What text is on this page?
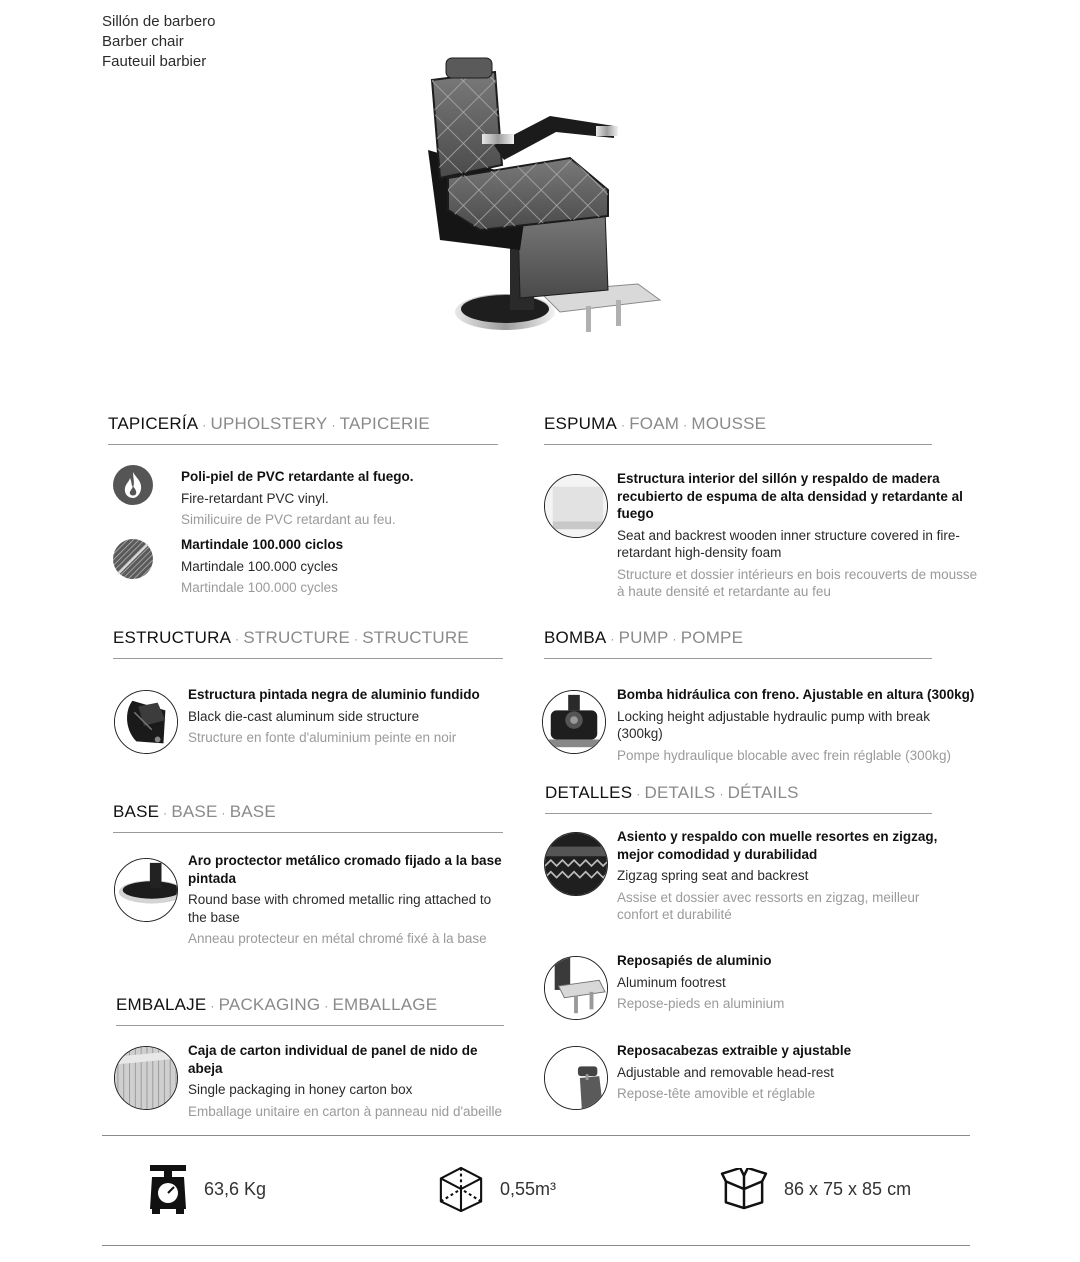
Sillón de barbero
Barber chair
Fauteuil barbier
TAPICERÍA · UPHOLSTERY · TAPICERIE
Poli-piel de PVC retardante al fuego.
Fire-retardant PVC vinyl.
Similicuire de PVC retardant au feu.
Martindale 100.000 ciclos
Martindale 100.000 cycles
Martindale 100.000 cycles
ESTRUCTURA · STRUCTURE · STRUCTURE
Estructura pintada negra de aluminio fundido
Black die-cast aluminum side structure
Structure en fonte d'aluminium peinte en noir
BASE · BASE · BASE
Aro proctector metálico cromado fijado a la base pintada
Round base with chromed metallic ring attached to the base
Anneau protecteur en métal chromé fixé à la base
EMBALAJE · PACKAGING · EMBALLAGE
Caja de carton individual de panel de nido de abeja
Single packaging in honey carton box
Emballage unitaire en carton à panneau nid d'abeille
ESPUMA · FOAM · MOUSSE
Estructura interior del sillón y respaldo de madera recubierto de espuma de alta densidad y retardante al fuego
Seat and backrest wooden inner structure covered in fire-retardant high-density foam
Structure et dossier intérieurs en bois recouverts de mousse à haute densité et retardante au feu
BOMBA · PUMP · POMPE
Bomba hidráulica con freno. Ajustable en altura (300kg)
Locking height adjustable hydraulic pump with break (300kg)
Pompe hydraulique blocable avec frein réglable (300kg)
DETALLES · DETAILS · DÉTAILS
Asiento y respaldo con muelle resortes en zigzag, mejor comodidad y durabilidad
Zigzag spring seat and backrest
Assise et dossier avec ressorts en zigzag, meilleur confort et durabilité
Reposapiés de aluminio
Aluminum footrest
Repose-pieds en aluminium
Reposacabezas extraible y ajustable
Adjustable and removable head-rest
Repose-tête amovible et réglable
63,6 Kg	0,55m³	86 x 75 x 85 cm
